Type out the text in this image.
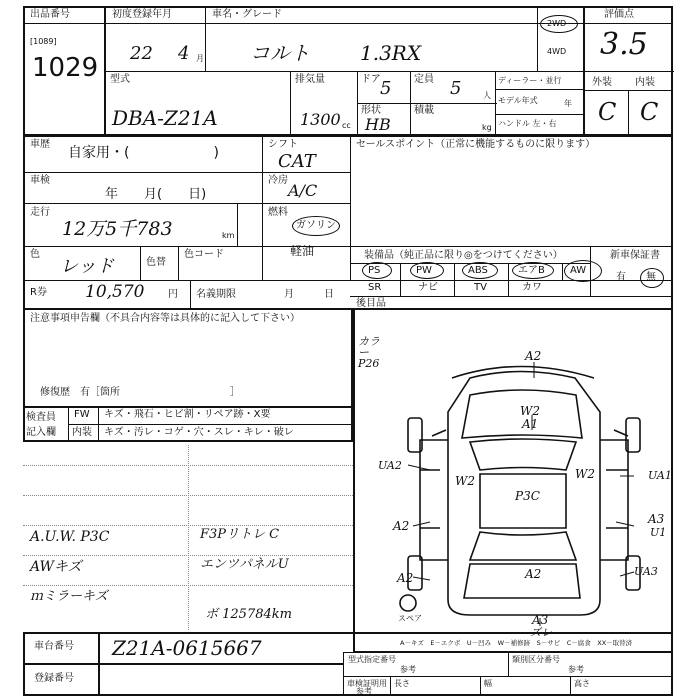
出品番号
[1089]
1029
初度登録年月
22 4 月
車名・グレード
コルト	1.3RX
2WD
4WD
評価点
3.5
型式
DBA-Z21A
排気量
1300 cc
ドア 5 定員 5	人
ディーラー・並行
モデル年式	年
ハンドル 左・右
形状
HB
積載
kg
外装 内装
C C
車歴
自家用・(　　　　　　)
シフト
CAT
セールスポイント（正常に機能するものに限ります）
車検
年　　月(　　日)
冷房
A/C
走行
12万5千783	km
燃料
ガソリン
軽油
色
レッド	色替
色コード	装備品（純正品に限り◎をつけてください）
PS	PW	ABS	エアB	AW
SR	ナビ	TV	カワ
新車保証書
有 無
後目品
R券 10,570 円 名義期限	月	日
注意事項申告欄（不具合内容等は具体的に記入して下さい）
修復歴　有［箇所　　　　　　　　　　　］
検査員
記入欄
FW キズ・飛石・ヒビ割・リペア跡・X要
内装 キズ・汚レ・コゲ・穴・スレ・キレ・破レ
A.U.W. P3C
AWキズ
ｍミラーキズ
F3Pリトレ C
エンツパネルU
ボ 125784km
カラー P26
A2
W2
A1
UA2
W2
P3C
W2	UA1
A2	A3
U1
A2	A2	UA3
A3
ズレ
スペア
A－キズ　E－エクボ　U－凹み　W－補修跡　S－サビ　C－腐食　XX－取替済
車台番号 Z21A-0615667
登録番号
型式指定番号
参考
類別区分番号
参考
車検証明用
参考
長さ	幅	高さ
